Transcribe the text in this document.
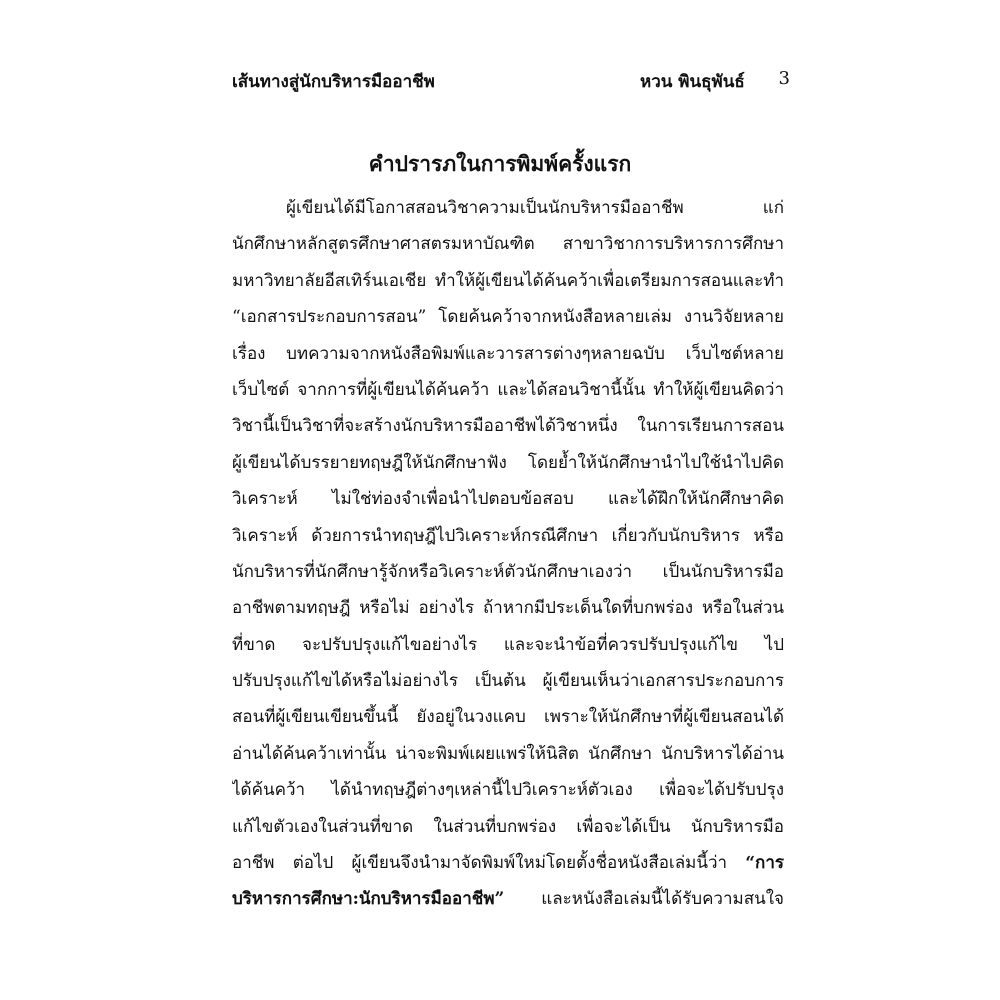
เส้นทางสู่นักบริหารมืออาชีพ	หวน พินธุพันธ์ 3
คำปรารภในการพิมพ์ครั้งแรก
ผู้เขียนได้มีโอกาสสอนวิชาความเป็นนักบริหารมืออาชีพ แก่
นักศึกษาหลักสูตรศึกษาศาสตรมหาบัณฑิต สาขาวิชาการบริหารการศึกษา
มหาวิทยาลัยอีสเทิร์นเอเชีย ทำให้ผู้เขียนได้ค้นคว้าเพื่อเตรียมการสอนและทำ
“เอกสารประกอบการสอน” โดยค้นคว้าจากหนังสือหลายเล่ม งานวิจัยหลาย
เรื่อง บทความจากหนังสือพิมพ์และวารสารต่างๆหลายฉบับ เว็บไซต์หลาย
เว็บไซต์ จากการที่ผู้เขียนได้ค้นคว้า และได้สอนวิชานี้นั้น ทำให้ผู้เขียนคิดว่า
วิชานี้เป็นวิชาที่จะสร้างนักบริหารมืออาชีพได้วิชาหนึ่ง ในการเรียนการสอน
ผู้เขียนได้บรรยายทฤษฎีให้นักศึกษาฟัง โดยย้ำให้นักศึกษานำไปใช้นำไปคิด
วิเคราะห์ ไม่ใช่ท่องจำเพื่อนำไปตอบข้อสอบ และได้ฝึกให้นักศึกษาคิด
วิเคราะห์ ด้วยการนำทฤษฎีไปวิเคราะห์กรณีศึกษา เกี่ยวกับนักบริหาร หรือ
นักบริหารที่นักศึกษารู้จักหรือวิเคราะห์ตัวนักศึกษาเองว่า เป็นนักบริหารมือ
อาชีพตามทฤษฎี หรือไม่ อย่างไร ถ้าหากมีประเด็นใดที่บกพร่อง หรือในส่วน
ที่ขาด จะปรับปรุงแก้ไขอย่างไร และจะนำข้อที่ควรปรับปรุงแก้ไข ไป
ปรับปรุงแก้ไขได้หรือไม่อย่างไร เป็นต้น ผู้เขียนเห็นว่าเอกสารประกอบการ
สอนที่ผู้เขียนเขียนขึ้นนี้ ยังอยู่ในวงแคบ เพราะให้นักศึกษาที่ผู้เขียนสอนได้
อ่านได้ค้นคว้าเท่านั้น น่าจะพิมพ์เผยแพร่ให้นิสิต นักศึกษา นักบริหารได้อ่าน
ได้ค้นคว้า ได้นำทฤษฎีต่างๆเหล่านี้ไปวิเคราะห์ตัวเอง เพื่อจะได้ปรับปรุง
แก้ไขตัวเองในส่วนที่ขาด ในส่วนที่บกพร่อง เพื่อจะได้เป็น นักบริหารมือ
อาชีพ ต่อไป ผู้เขียนจึงนำมาจัดพิมพ์ใหม่โดยตั้งชื่อหนังสือเล่มนี้ว่า “การ
บริหารการศึกษา:นักบริหารมืออาชีพ” และหนังสือเล่มนี้ได้รับความสนใจ
